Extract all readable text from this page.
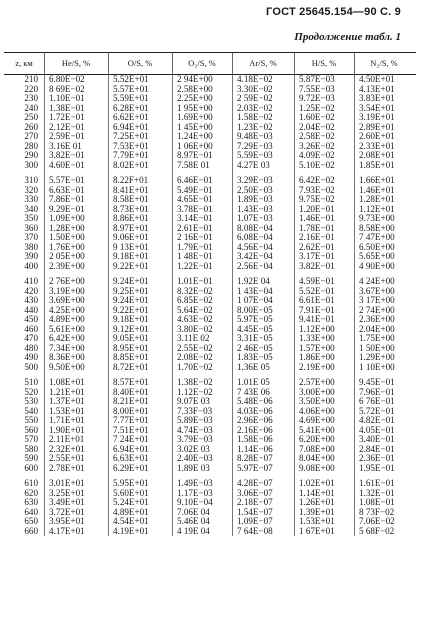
ГОСТ 25645.154—90 С. 9
Продолжение табл. 1
z, км	He/S, %	O/S, %	O₂/S, %	Ar/S, %	H/S, %	N₂/S, %
210	6.80E−02	5.52E+01	2 94E+00	4.18E−02	5.87E−03	4.50E+01
220	8 69E−02	5.57E+01	2.58E+00	3.30E−02	7.55E−03	4.13E+01
230	1.10E−01	5.59E+01	2.25E+00	2 59E−02	9.72E−03	3.83E+01
240	1.38E−01	6.28E+01	1 95E+00	2.03E−02	1.25E−02	3.54E+01
250	1.72E−01	6.62E+01	1.69E+00	1.58E−02	1.60E−02	3.19E+01
260	2.12E−01	6.94E+01	1 45E+00	1.23E−02	2.04E−02	2.89E+01
270	2.59E−01	7.25E+01	1.24E+00	9.48E−03	2.58E−02	2.60E+01
280	3.16E 01	7.53E+01	1 06E+00	7.29E−03	3.26E−02	2.33E+01
290	3.82E−01	7.79E+01	8.97E−01	5.59E−03	4.09E−02	2.08E+01
300	4.60E−01	8.02E+01	7.58E 01	4.27E 03	5.10E−02	1.85E+01
310	5.57E−01	8.22F+01	6.46E−01	3.29E−03	6.42E−02	1.66E+01
320	6.63E−01	8.41E+01	5.49E−01	2.50E−03	7.93E−02	1.46E+01
330	7.86E−01	8.58E+01	4.65E−01	1.89E−03	9.75E−02	1.28E+01
340	9.29E−01	8.73E+01	3.78E−01	1.43E−03	1.20E−01	1.12E+01
350	1.09E+00	8.86E+01	3.14E−01	1.07E−03	1.46E−01	9.73E+00
360	1.28E+00	8.97E+01	2.61E−01	8.08E−04	1.78E−01	8.58E+00
370	1.50E+00	9.06E+01	2 16E−01	6.08E−04	2.16E−01	7 47E+00
380	1.76E+00	9 13E+01	1.79E−01	4.56E−04	2.62E−01	6.50E+00
390	2 05E+00	9.18E+01	1 48E−01	3.42E−04	3.17E−01	5.65E+00
400	2.39E+00	9.22E+01	1.22E−01	2.56E−04	3.82E−01	4 90E+00
410	2 76E+00	9.24E+01	1.01E−01	1.92E 04	4.59E−01	4 24E+00
420	3.19E+00	9.25E+01	8.32E−02	1 43E−04	5.52E−01	3.67E+00
430	3.69E+00	9.24E+01	6.85E−02	1 07E−04	6.61E−01	3 17E+00
440	4.25E+00	9.22E+01	5.64E−02	8.00E−05	7.91E−01	2 74E+00
450	4.89E+00	9.18E+01	4.63E−02	5.97E−05	9.41E−01	2.36E+00
460	5.61E+00	9.12E+01	3.80E−02	4.45E−05	1.12E+00	2.04E+00
470	6.42E+00	9.05E+01	3.11E 02	3.31E−05	1.33E+00	1.75E+00
480	7.34E+00	8.95E+01	2.55E−02	2 46E−05	1.57E+00	1 50E+00
490	8.36E+00	8.85E+01	2.08E−02	1.83E−05	1.86E+00	1.29E+00
500	9.50E+00	8.72E+01	1.70E−02	1.36E 05	2.19E+00	1 10E+00
510	1.08E+01	8.57E+01	1.38E−02	1.01E 05	2.57E+00	9.45E−01
520	1.21E+01	8.40E+01	1.12E−02	7 43E 06	3.00E+00	7.96E−01
530	1.37E+01	8.21E+01	9.07E 03	5.48E−06	3.50E+00	6 76E−01
540	1.53E+01	8.00E+01	7.33F−03	4.03E−06	4.06E+00	5.72E−01
550	1.71E+01	7.77E+01	5.89E−03	2.96E−06	4.69E+00	4.82E−01
560	1.90E+01	7.51E+01	4.74E−03	2.16E−06	5.41E+00	4.05E−01
570	2.11E+01	7 24E+01	3.79E−03	1.58E−06	6.20E+00	3.40E−01
580	2.32E+01	6.94E+01	3.02E 03	1.14E−06	7.08E+00	2.84E−01
590	2.55E+01	6.63E+01	2.40E−03	8.28E−07	8.04E+00	2.36E−01
600	2.78E+01	6.29E+01	1.89E 03	5.97E−07	9.08E+00	1.95E−01
610	3.01E+01	5.95E+01	1.49E−03	4.28E−07	1.02E+01	1.61E−01
620	3.25E+01	5.60E+01	1.17E−03	3.06E−07	1.14E+01	1.32E−01
630	3.49E+01	5.24E+01	9.10E−04	2.18E−07	1.26E+01	1.08E−01
640	3.72E+01	4.89E+01	7.06E 04	1.54E−07	1.39E+01	8 73F−02
650	3.95E+01	4.54E+01	5.46E 04	1.09E−07	1.53E+01	7.06E−02
660	4.17E+01	4.19E+01	4 19E 04	7 64E−08	1 67E+01	5 68F−02
